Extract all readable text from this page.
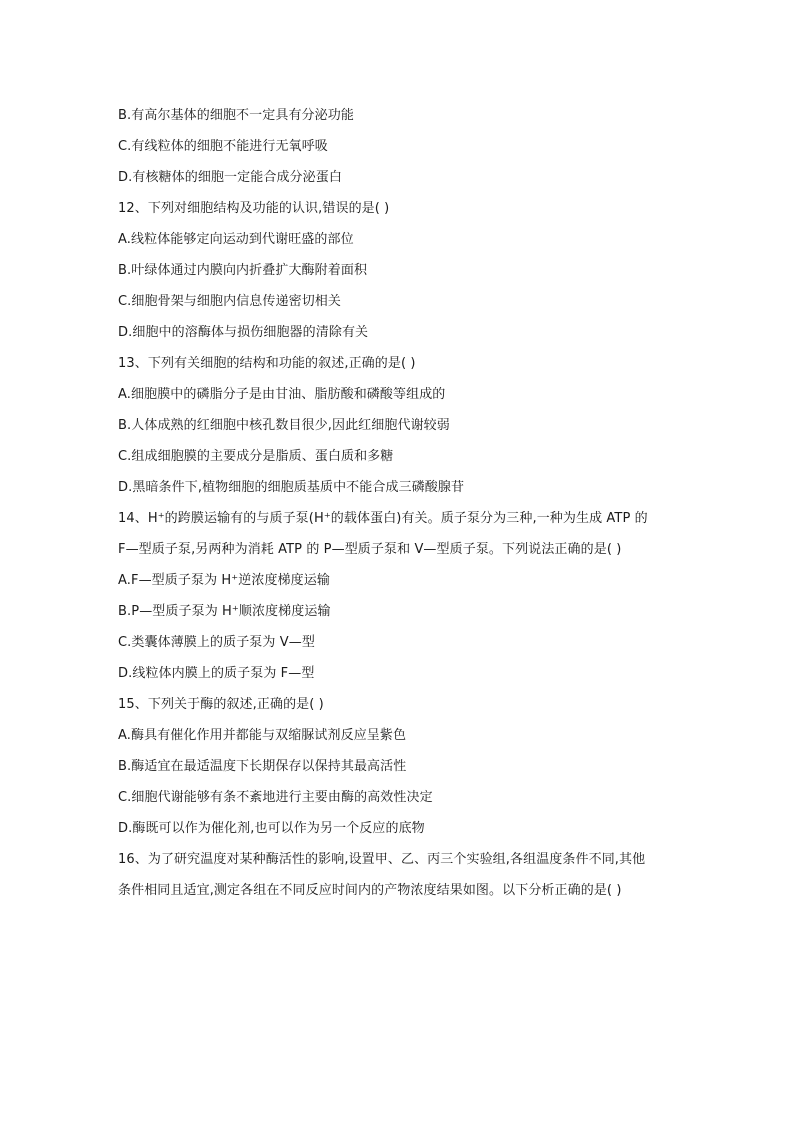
B.有高尔基体的细胞不一定具有分泌功能
C.有线粒体的细胞不能进行无氧呼吸
D.有核糖体的细胞一定能合成分泌蛋白
12、下列对细胞结构及功能的认识,错误的是( )
A.线粒体能够定向运动到代谢旺盛的部位
B.叶绿体通过内膜向内折叠扩大酶附着面积
C.细胞骨架与细胞内信息传递密切相关
D.细胞中的溶酶体与损伤细胞器的清除有关
13、下列有关细胞的结构和功能的叙述,正确的是( )
A.细胞膜中的磷脂分子是由甘油、脂肪酸和磷酸等组成的
B.人体成熟的红细胞中核孔数目很少,因此红细胞代谢较弱
C.组成细胞膜的主要成分是脂质、蛋白质和多糖
D.黑暗条件下,植物细胞的细胞质基质中不能合成三磷酸腺苷
14、H⁺的跨膜运输有的与质子泵(H⁺的载体蛋白)有关。质子泵分为三种,一种为生成 ATP 的
F—型质子泵,另两种为消耗 ATP 的 P—型质子泵和 V—型质子泵。下列说法正确的是( )
A.F—型质子泵为 H⁺逆浓度梯度运输
B.P—型质子泵为 H⁺顺浓度梯度运输
C.类囊体薄膜上的质子泵为 V—型
D.线粒体内膜上的质子泵为 F—型
15、下列关于酶的叙述,正确的是( )
A.酶具有催化作用并都能与双缩脲试剂反应呈紫色
B.酶适宜在最适温度下长期保存以保持其最高活性
C.细胞代谢能够有条不紊地进行主要由酶的高效性决定
D.酶既可以作为催化剂,也可以作为另一个反应的底物
16、为了研究温度对某种酶活性的影响,设置甲、乙、丙三个实验组,各组温度条件不同,其他
条件相同且适宜,测定各组在不同反应时间内的产物浓度结果如图。以下分析正确的是( )
